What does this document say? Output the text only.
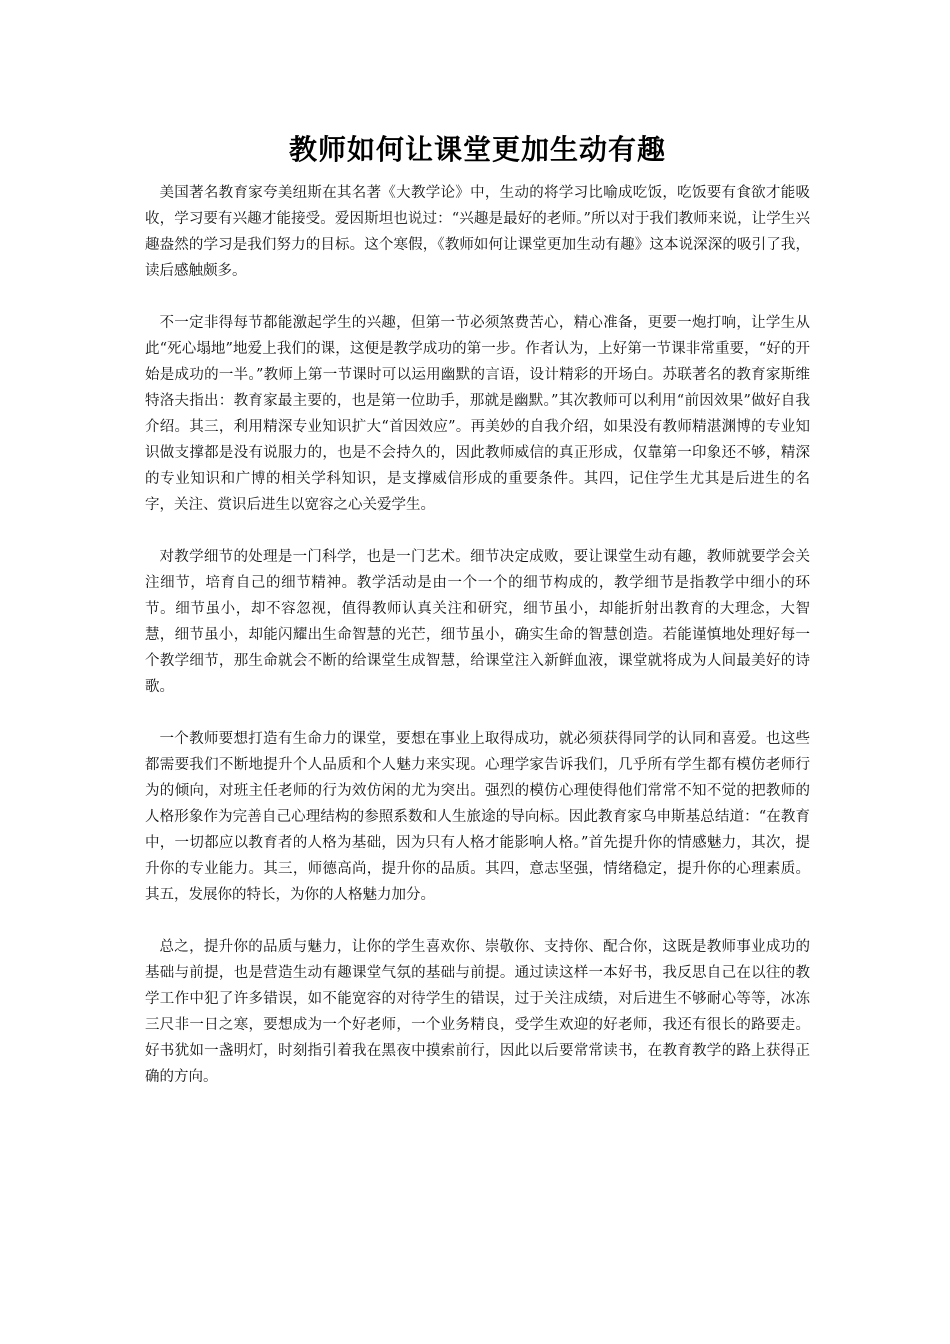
教师如何让课堂更加生动有趣

美国著名教育家夸美纽斯在其名著《大教学论》中，生动的将学习比喻成吃饭，吃饭要有食欲才能吸收，学习要有兴趣才能接受。爱因斯坦也说过：“兴趣是最好的老师。”所以对于我们教师来说，让学生兴趣盎然的学习是我们努力的目标。这个寒假，《教师如何让课堂更加生动有趣》这本说深深的吸引了我，读后感触颇多。

不一定非得每节都能激起学生的兴趣，但第一节必须煞费苦心，精心准备，更要一炮打响，让学生从此“死心塌地”地爱上我们的课，这便是教学成功的第一步。作者认为，上好第一节课非常重要，“好的开始是成功的一半。”教师上第一节课时可以运用幽默的言语，设计精彩的开场白。苏联著名的教育家斯维特洛夫指出：教育家最主要的，也是第一位助手，那就是幽默。”其次教师可以利用“前因效果”做好自我介绍。其三，利用精深专业知识扩大“首因效应”。再美妙的自我介绍，如果没有教师精湛渊博的专业知识做支撑都是没有说服力的，也是不会持久的，因此教师威信的真正形成，仅靠第一印象还不够，精深的专业知识和广博的相关学科知识，是支撑威信形成的重要条件。其四，记住学生尤其是后进生的名字，关注、赏识后进生以宽容之心关爱学生。

对教学细节的处理是一门科学，也是一门艺术。细节决定成败，要让课堂生动有趣，教师就要学会关注细节，培育自己的细节精神。教学活动是由一个一个的细节构成的，教学细节是指教学中细小的环节。细节虽小，却不容忽视，值得教师认真关注和研究，细节虽小，却能折射出教育的大理念，大智慧，细节虽小，却能闪耀出生命智慧的光芒，细节虽小，确实生命的智慧创造。若能谨慎地处理好每一个教学细节，那生命就会不断的给课堂生成智慧，给课堂注入新鲜血液，课堂就将成为人间最美好的诗歌。

一个教师要想打造有生命力的课堂，要想在事业上取得成功，就必须获得同学的认同和喜爱。也这些都需要我们不断地提升个人品质和个人魅力来实现。心理学家告诉我们，几乎所有学生都有模仿老师行为的倾向，对班主任老师的行为效仿闲的尤为突出。强烈的模仿心理使得他们常常不知不觉的把教师的人格形象作为完善自己心理结构的参照系数和人生旅途的导向标。因此教育家乌申斯基总结道：“在教育中，一切都应以教育者的人格为基础，因为只有人格才能影响人格。”首先提升你的情感魅力，其次，提升你的专业能力。其三，师德高尚，提升你的品质。其四，意志坚强，情绪稳定，提升你的心理素质。其五，发展你的特长，为你的人格魅力加分。

总之，提升你的品质与魅力，让你的学生喜欢你、崇敬你、支持你、配合你，这既是教师事业成功的基础与前提，也是营造生动有趣课堂气氛的基础与前提。通过读这样一本好书，我反思自己在以往的教学工作中犯了许多错误，如不能宽容的对待学生的错误，过于关注成绩，对后进生不够耐心等等，冰冻三尺非一日之寒，要想成为一个好老师，一个业务精良，受学生欢迎的好老师，我还有很长的路要走。好书犹如一盏明灯，时刻指引着我在黑夜中摸索前行，因此以后要常常读书，在教育教学的路上获得正确的方向。
